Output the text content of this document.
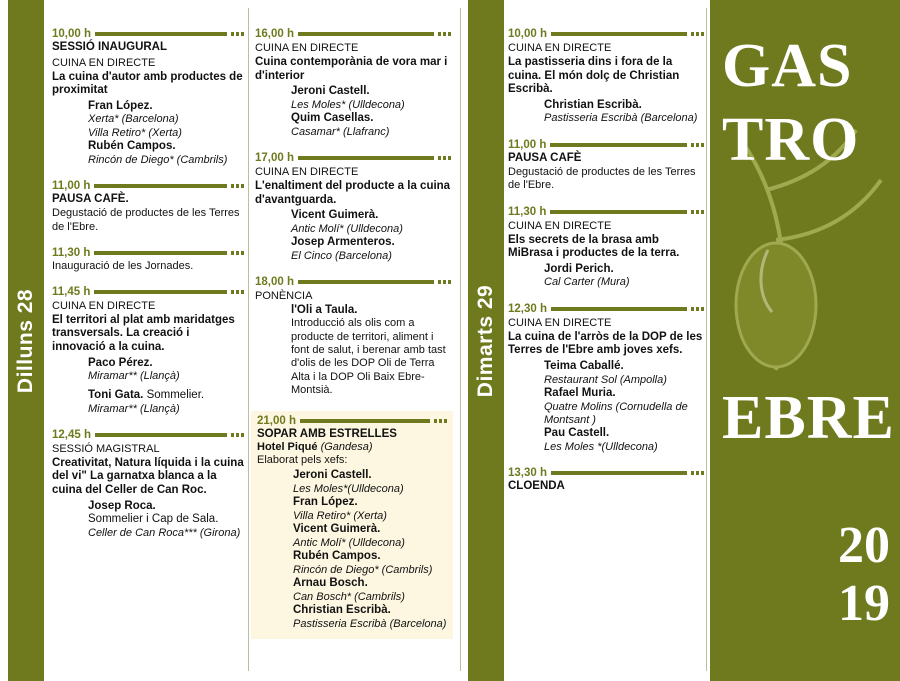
Dilluns 28	Dimarts 29
10,00 h
SESSIÓ INAUGURAL
CUINA EN DIRECTE
La cuina d'autor amb productes de proximitat
Fran López.
Xerta* (Barcelona)
Villa Retiro* (Xerta)
Rubén Campos.
Rincón de Diego* (Cambrils)
11,00 h
PAUSA CAFÈ.
Degustació de productes de les Terres de l'Ebre.
11,30 h
Inauguració de les Jornades.
11,45 h
CUINA EN DIRECTE
El territori al plat amb maridatges transversals. La creació i innovació a la cuina.
Paco Pérez.
Miramar** (Llançà)
Toni Gata. Sommelier.
Miramar** (Llançà)
12,45 h
SESSIÓ MAGISTRAL
Creativitat, Natura líquida i la cuina del vi" La garnatxa blanca a la cuina del Celler de Can Roc.
Josep Roca.
Sommelier i Cap de Sala.
Celler de Can Roca*** (Girona)
16,00 h
CUINA EN DIRECTE
Cuina contemporània de vora mar i d'interior
Jeroni Castell.
Les Moles* (Ulldecona)
Quim Casellas.
Casamar* (Llafranc)
17,00 h
CUINA EN DIRECTE
L'enaltiment del producte a la cuina d'avantguarda.
Vicent Guimerà.
Antic Molí* (Ulldecona)
Josep Armenteros.
El Cinco (Barcelona)
18,00 h
PONÈNCIA
l'Oli a Taula.
Introducció als olis com a producte de territori, aliment i font de salut, i berenar amb tast d'olis de les DOP Oli de Terra Alta i la DOP Oli Baix Ebre-Montsià.
21,00 h
SOPAR AMB ESTRELLES
Hotel Piqué (Gandesa)
Elaborat pels xefs:
Jeroni Castell.
Les Moles*(Ulldecona)
Fran López.
Villa Retiro* (Xerta)
Vicent Guimerà.
Antic Molí* (Ulldecona)
Rubén Campos.
Rincón de Diego* (Cambrils)
Arnau Bosch.
Can Bosch* (Cambrils)
Christian Escribà.
Pastisseria Escribà (Barcelona)
10,00 h
CUINA EN DIRECTE
La pastisseria dins i fora de la cuina. El món dolç de Christian Escribà.
Christian Escribà.
Pastisseria Escribà (Barcelona)
11,00 h
PAUSA CAFÈ
Degustació de productes de les Terres de l'Ebre.
11,30 h
CUINA EN DIRECTE
Els secrets de la brasa amb MiBrasa i productes de la terra.
Jordi Perich.
Cal Carter (Mura)
12,30 h
CUINA EN DIRECTE
La cuina de l'arròs de la DOP de les Terres de l'Ebre amb joves xefs.
Teima Caballé.
Restaurant Sol (Ampolla)
Rafael Muria.
Quatre Molins (Cornudella de Montsant )
Pau Castell.
Les Moles *(Ulldecona)
13,30 h
CLOENDA
GAS
TRO
EBRE
20
19
